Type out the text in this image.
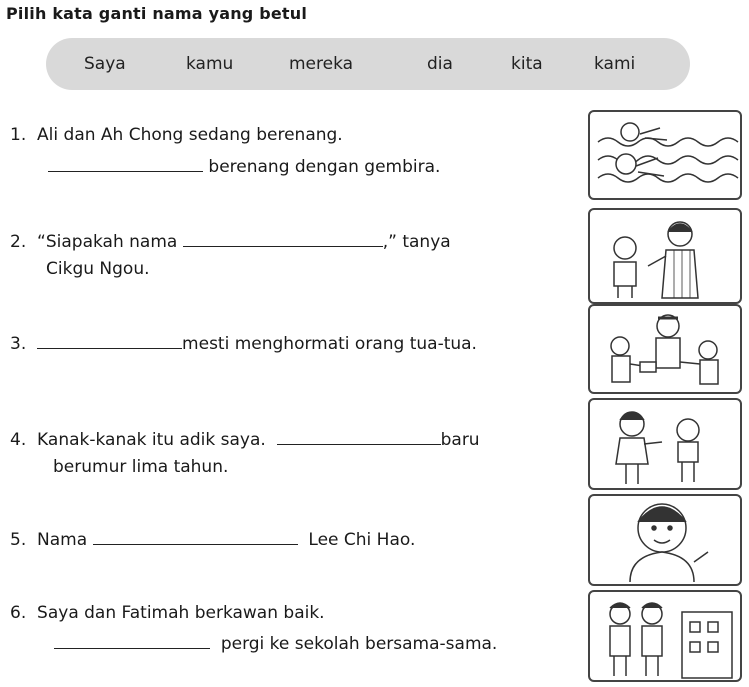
Pilih kata ganti nama yang betul
Saya	kamu	mereka	dia	kita	kami
1. Ali dan Ah Chong sedang berenang.
berenang dengan gembira.
2. “Siapakah nama	,” tanya
Cikgu Ngou.
3.	mesti menghormati orang tua-tua.
4. Kanak-kanak itu adik saya.	baru
berumur lima tahun.
5. Nama	Lee Chi Hao.
6. Saya dan Fatimah berkawan baik.
pergi ke sekolah bersama-sama.
